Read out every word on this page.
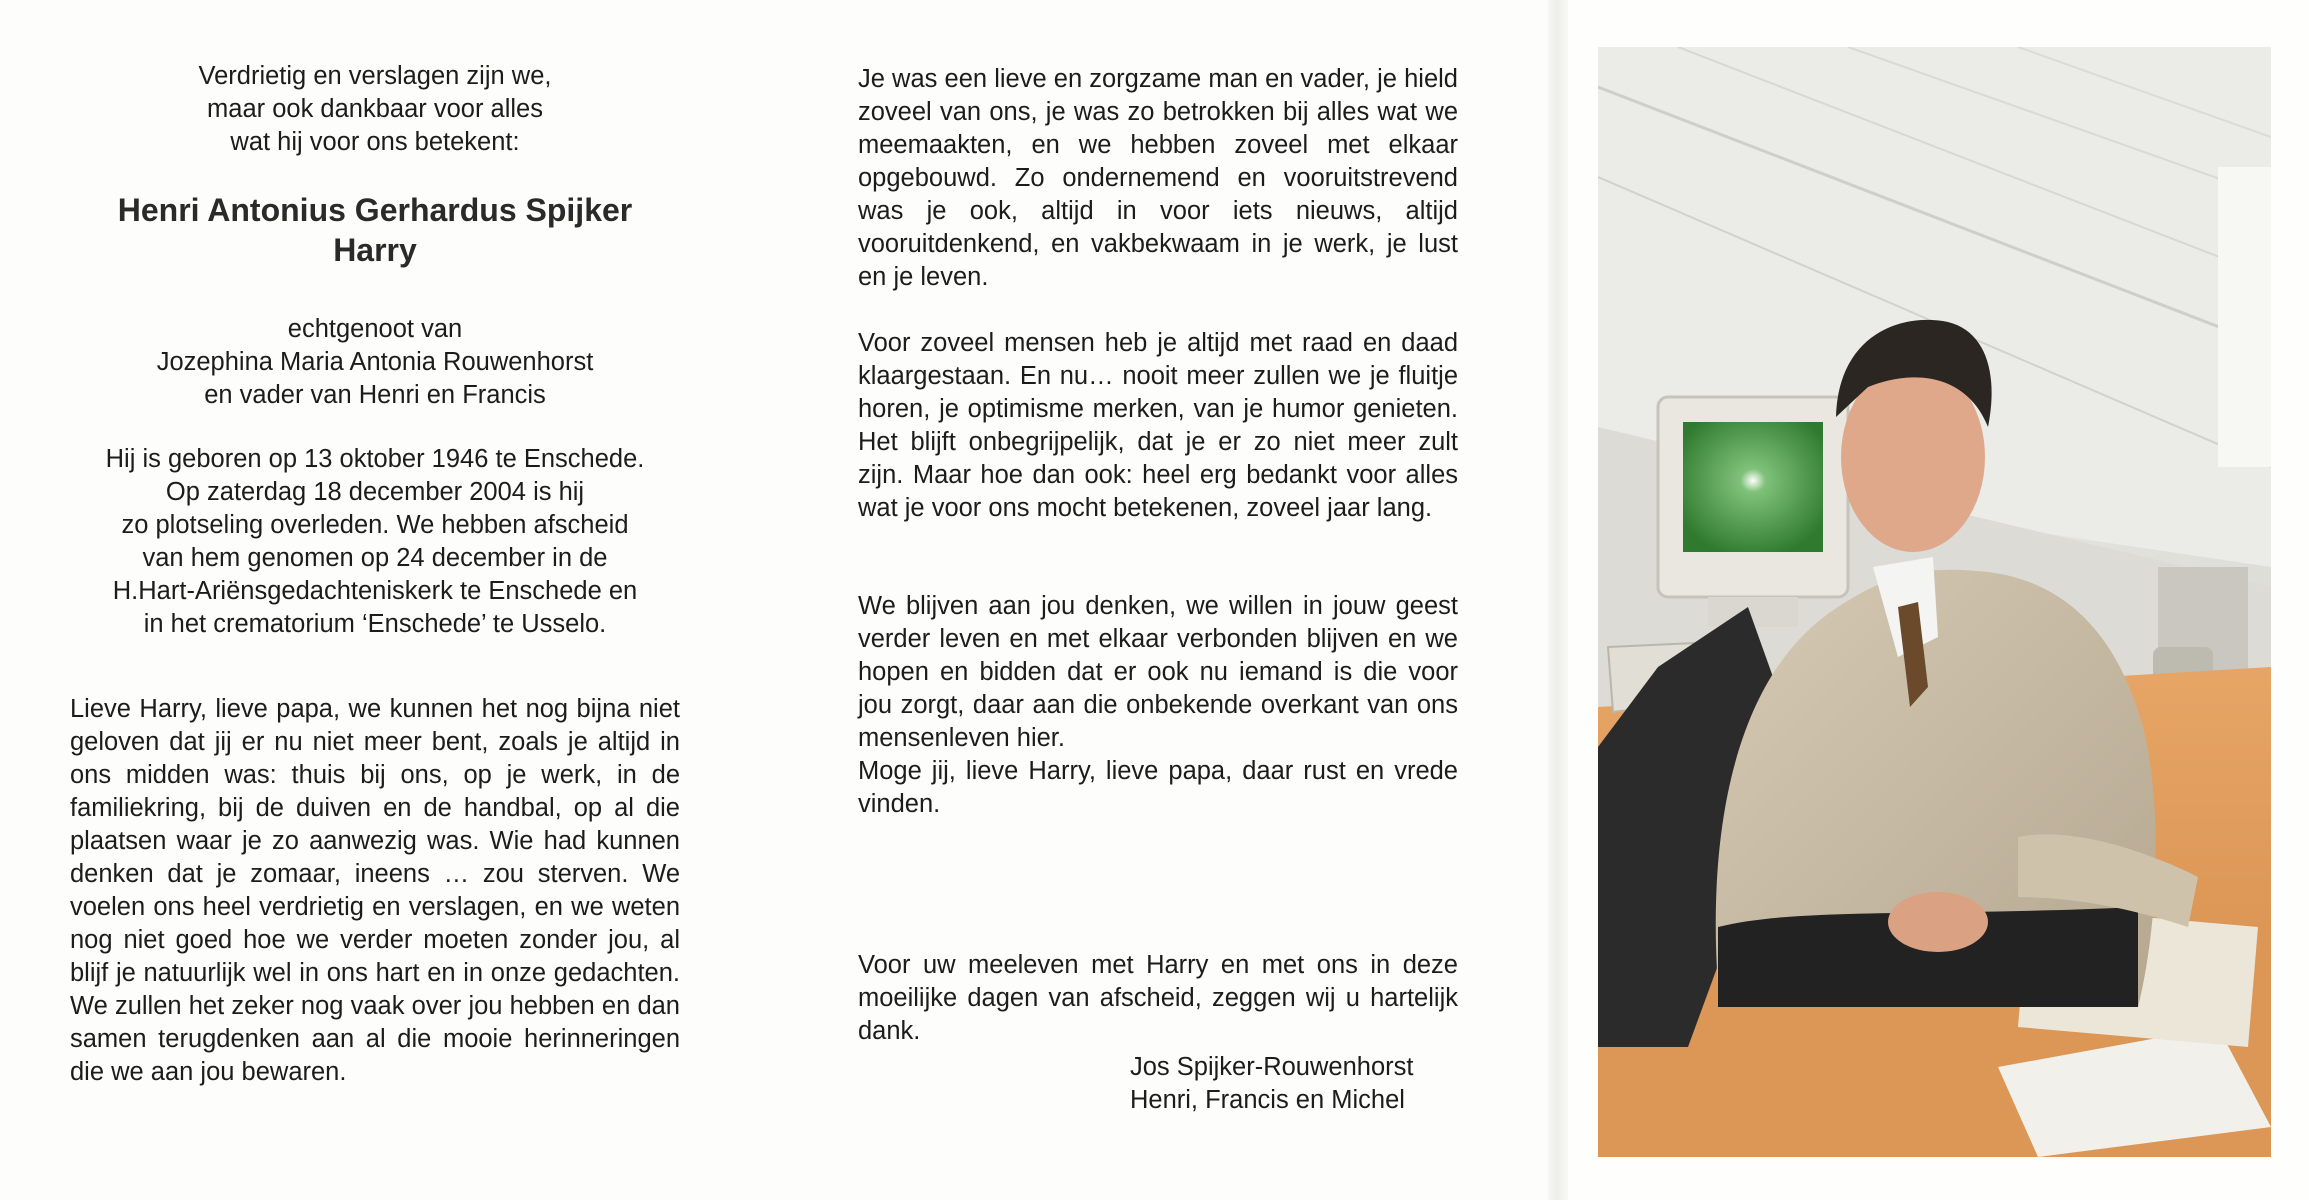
Verdrietig en verslagen zijn we,

maar ook dankbaar voor alles

wat hij voor ons betekent:

Henri Antonius Gerhardus Spijker

Harry

echtgenoot van

Jozephina Maria Antonia Rouwenhorst

en vader van Henri en Francis

Hij is geboren op 13 oktober 1946 te Enschede.

Op zaterdag 18 december 2004 is hij

zo plotseling overleden. We hebben afscheid

van hem genomen op 24 december in de

H.Hart-Ariënsgedachteniskerk te Enschede en

in het crematorium ‘Enschede’ te Usselo.

Lieve Harry, lieve papa, we kunnen het nog bijna niet geloven dat jij er nu niet meer bent, zoals je altijd in ons midden was: thuis bij ons, op je werk, in de familiekring, bij de duiven en de handbal, op al die plaatsen waar je zo aanwezig was. Wie had kunnen denken dat je zomaar, ineens … zou sterven. We voelen ons heel verdrietig en verslagen, en we weten nog niet goed hoe we verder moeten zonder jou, al blijf je natuurlijk wel in ons hart en in onze gedachten. We zullen het zeker nog vaak over jou hebben en dan samen terugdenken aan al die mooie herinneringen die we aan jou bewaren.

Je was een lieve en zorgzame man en vader, je hield zoveel van ons, je was zo betrokken bij alles wat we meemaakten, en we hebben zoveel met elkaar opgebouwd. Zo ondernemend en vooruitstrevend was je ook, altijd in voor iets nieuws, altijd vooruitdenkend, en vakbekwaam in je werk, je lust en je leven.

Voor zoveel mensen heb je altijd met raad en daad klaargestaan. En nu… nooit meer zullen we je fluitje horen, je optimisme merken, van je humor genieten. Het blijft onbegrijpelijk, dat je er zo niet meer zult zijn. Maar hoe dan ook: heel erg bedankt voor alles wat je voor ons mocht betekenen, zoveel jaar lang.

We blijven aan jou denken, we willen in jouw geest verder leven en met elkaar verbonden blijven en we hopen en bidden dat er ook nu iemand is die voor jou zorgt, daar aan die onbekende overkant van ons mensenleven hier.

Moge jij, lieve Harry, lieve papa, daar rust en vrede vinden.

Voor uw meeleven met Harry en met ons in deze moeilijke dagen van afscheid, zeggen wij u hartelijk dank.

Jos Spijker-Rouwenhorst

Henri, Francis en Michel
